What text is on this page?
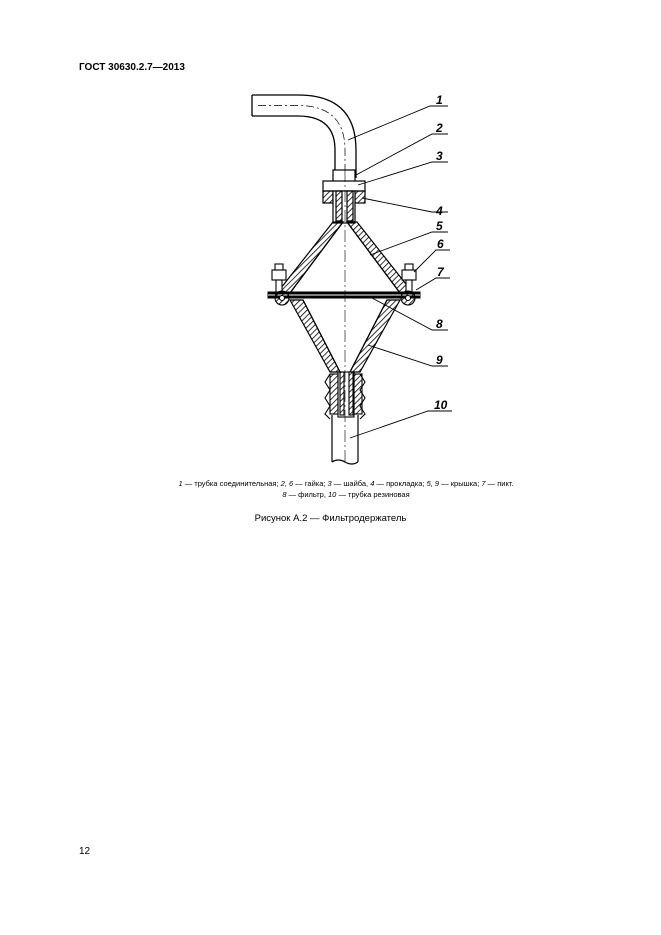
ГОСТ 30630.2.7—2013
1
2
3
4
5
6
7
8
9
10
1 — трубка соединительная; 2, 6 — гайка; 3 — шайба, 4 — прокладка; 5, 9 — крышка; 7 — пикт.
8 — фильтр, 10 — трубка резиновая
Рисунок А.2 — Фильтродержатель
12
